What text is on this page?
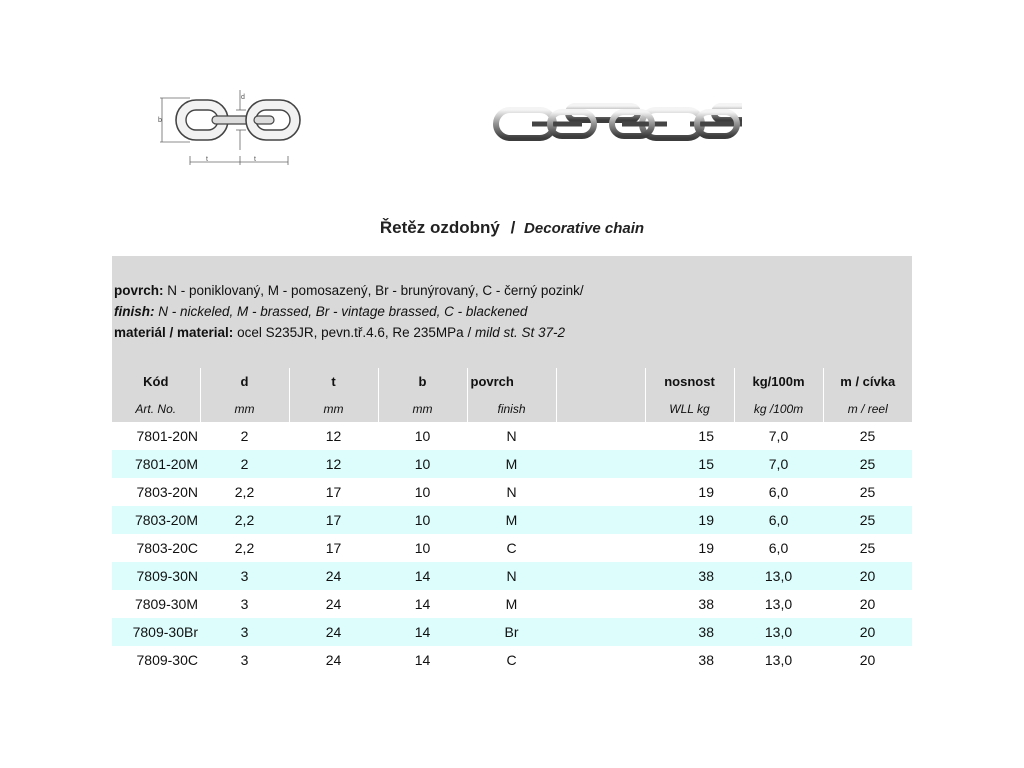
b
d
t	t
Řetěz ozdobný / Decorative chain
povrch: N - poniklovaný, M - pomosazený, Br - brunýrovaný, C - černý pozink/
finish: N - nickeled, M - brassed, Br - vintage brassed, C - blackened
materiál / material: ocel S235JR, pevn.tř.4.6, Re 235MPa / mild st. St 37-2
Kód	d	t	b	povrch		nosnost	kg/100m	m / cívka
Art. No.	mm	mm	mm	finish		WLL kg	kg /100m	m / reel
7801-20N	2	12	10	N		15	7,0	25
7801-20M	2	12	10	M		15	7,0	25
7803-20N	2,2	17	10	N		19	6,0	25
7803-20M	2,2	17	10	M		19	6,0	25
7803-20C	2,2	17	10	C		19	6,0	25
7809-30N	3	24	14	N		38	13,0	20
7809-30M	3	24	14	M		38	13,0	20
7809-30Br	3	24	14	Br		38	13,0	20
7809-30C	3	24	14	C		38	13,0	20
